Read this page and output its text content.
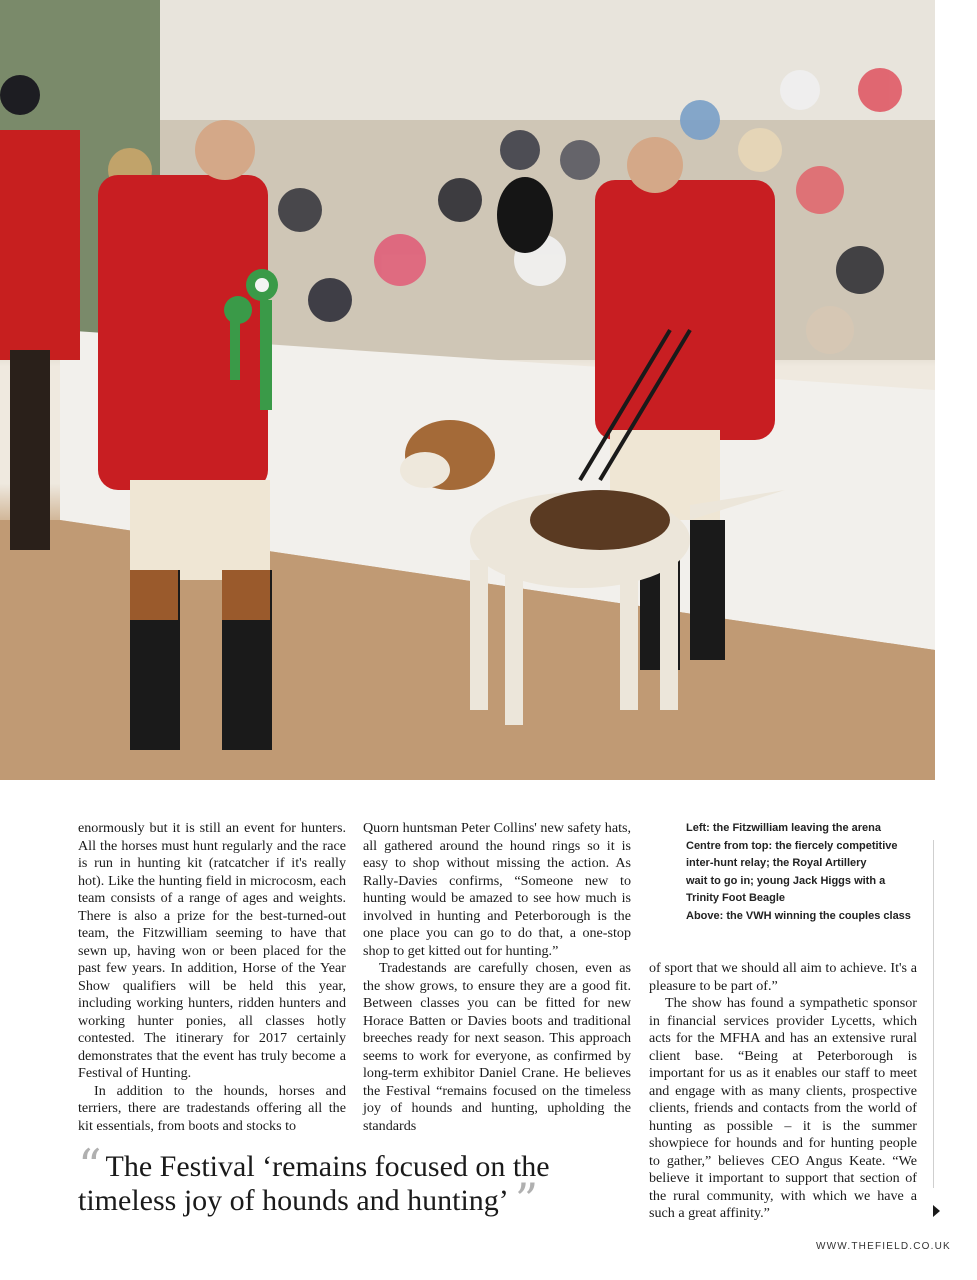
enormously but it is still an event for hunters. All the horses must hunt regularly and the race is run in hunting kit (ratcatcher if it's really hot). Like the hunting field in microcosm, each team consists of a range of ages and weights. There is also a prize for the best-turned-out team, the Fitzwilliam seeming to have that sewn up, having won or been placed for the past few years. In addition, Horse of the Year Show qualifiers will be held this year, including working hunters, ridden hunters and working hunter ponies, all classes hotly contested. The itinerary for 2017 certainly demonstrates that the event has truly become a Festival of Hunting.

In addition to the hounds, horses and terriers, there are tradestands offering all the kit essentials, from boots and stocks to

Quorn huntsman Peter Collins' new safety hats, all gathered around the hound rings so it is easy to shop without missing the action. As Rally-Davies confirms, “Someone new to hunting would be amazed to see how much is involved in hunting and Peterborough is the one place you can go to do that, a one-stop shop to get kitted out for hunting.”

Tradestands are carefully chosen, even as the show grows, to ensure they are a good fit. Between classes you can be fitted for new Horace Batten or Davies boots and traditional breeches ready for next season. This approach seems to work for everyone, as confirmed by long-term exhibitor Daniel Crane. He believes the Festival “remains focused on the timeless joy of hounds and hunting, upholding the standards

Left: the Fitzwilliam leaving the arena
Centre from top: the fiercely competitive
inter-hunt relay; the Royal Artillery
wait to go in; young Jack Higgs with a
Trinity Foot Beagle
Above: the VWH winning the couples class

of sport that we should all aim to achieve. It's a pleasure to be part of.”

The show has found a sympathetic sponsor in financial services provider Lycetts, which acts for the MFHA and has an extensive rural client base. “Being at Peterborough is important for us as it enables our staff to meet and engage with as many clients, prospective clients, friends and contacts from the world of hunting as possible – it is the summer showpiece for hounds and for hunting people to gather,” believes CEO Angus Keate. “We believe it important to support that section of the rural community, with which we have a such a great affinity.”

“ The Festival ‘remains focused on the timeless joy of hounds and hunting’ ”
WWW.THEFIELD.CO.UK
